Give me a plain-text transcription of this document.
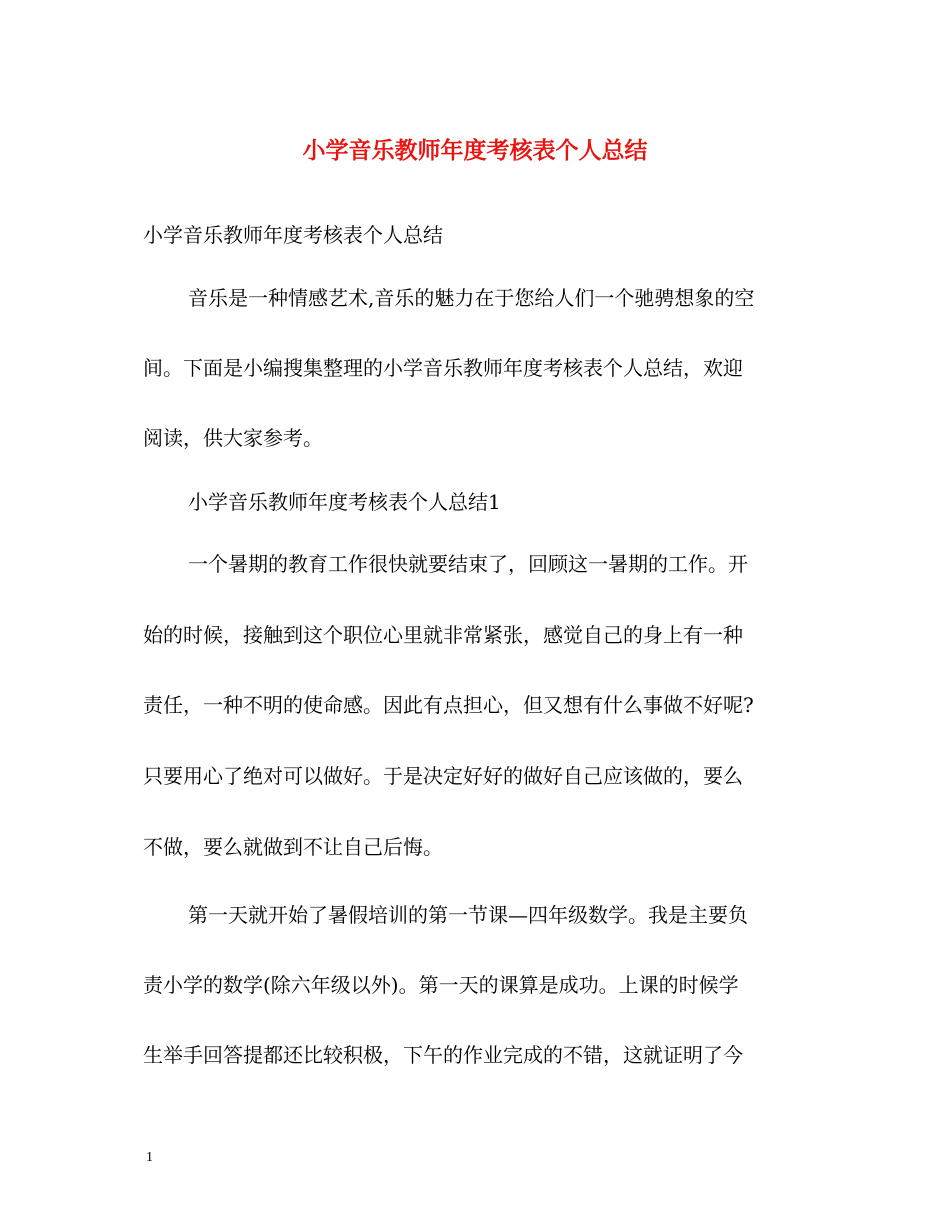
小学音乐教师年度考核表个人总结
小学音乐教师年度考核表个人总结
音乐是一种情感艺术,音乐的魅力在于您给人们一个驰骋想象的空
间。下面是小编搜集整理的小学音乐教师年度考核表个人总结，欢迎
阅读，供大家参考。
小学音乐教师年度考核表个人总结1
一个暑期的教育工作很快就要结束了，回顾这一暑期的工作。开
始的时候，接触到这个职位心里就非常紧张，感觉自己的身上有一种
责任，一种不明的使命感。因此有点担心，但又想有什么事做不好呢?
只要用心了绝对可以做好。于是决定好好的做好自己应该做的，要么
不做，要么就做到不让自己后悔。
第一天就开始了暑假培训的第一节课—四年级数学。我是主要负
责小学的数学(除六年级以外)。第一天的课算是成功。上课的时候学
生举手回答提都还比较积极，下午的作业完成的不错，这就证明了今
1
